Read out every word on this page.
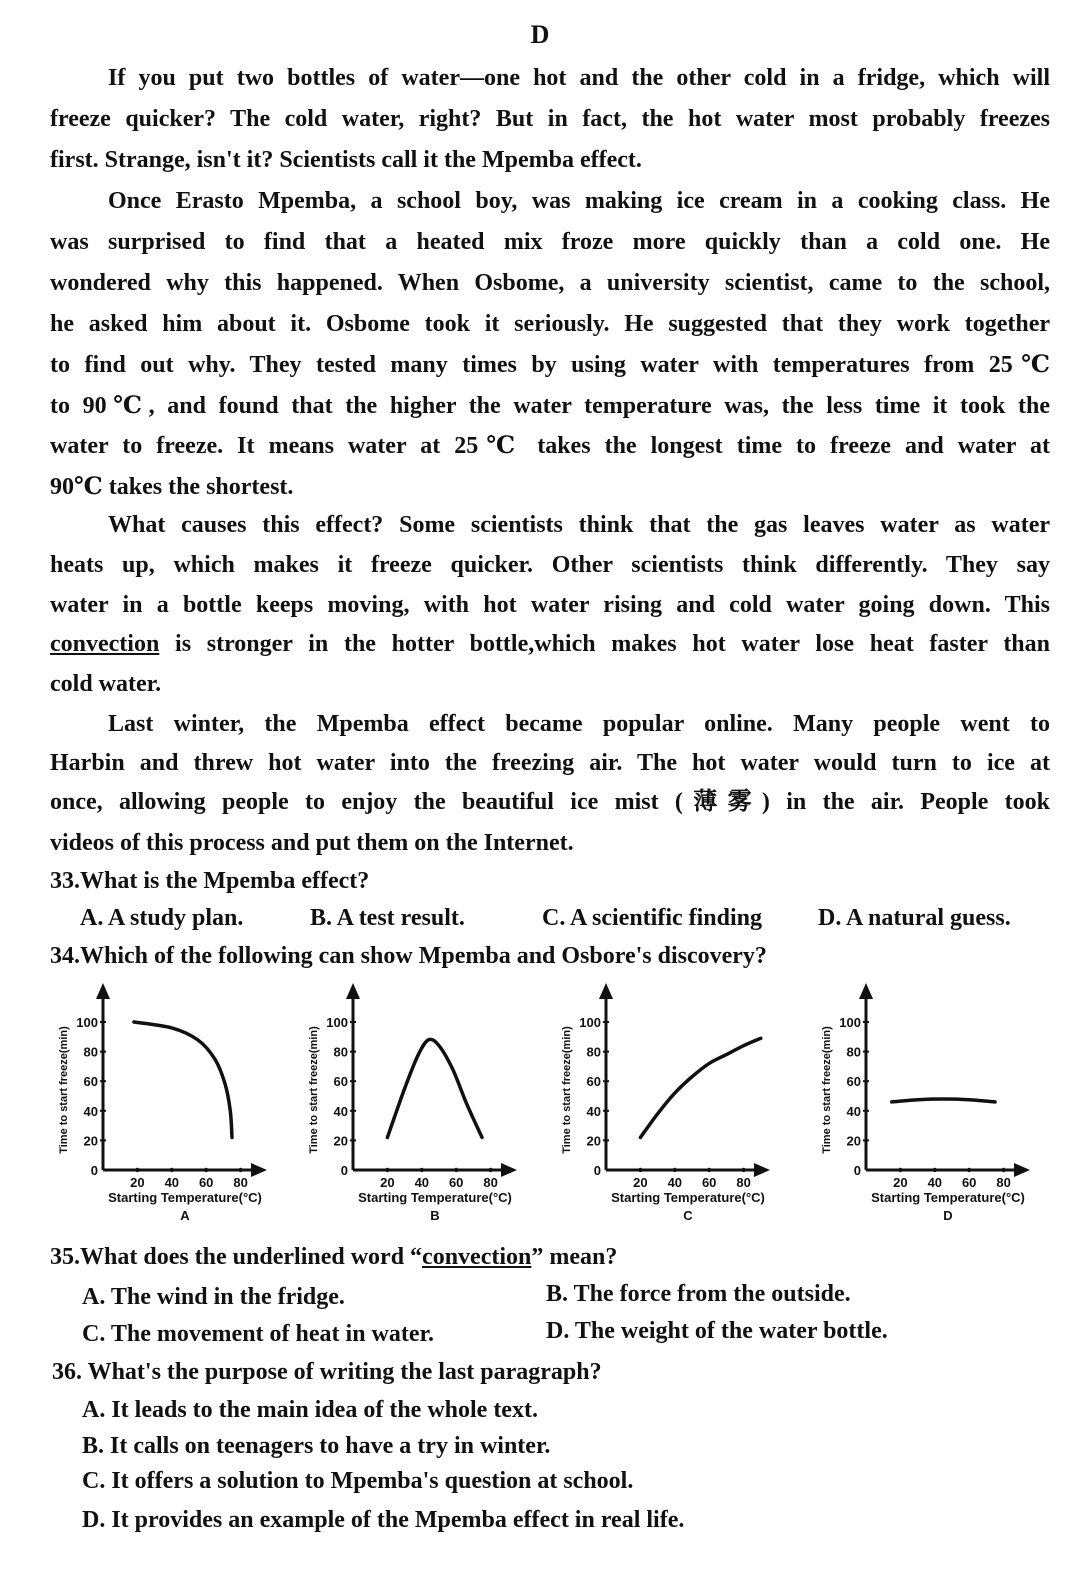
D
If you put two bottles of water—one hot and the other cold in a fridge, which will
freeze quicker? The cold water, right? But in fact, the hot water most probably freezes
first. Strange, isn't it? Scientists call it the Mpemba effect.
Once Erasto Mpemba, a school boy, was making ice cream in a cooking class. He
was surprised to find that a heated mix froze more quickly than a cold one. He
wondered why this happened. When Osbome, a university scientist, came to the school,
he asked him about it. Osbome took it seriously. He suggested that they work together
to find out why. They tested many times by using water with temperatures from 25℃
to 90℃, and found that the higher the water temperature was, the less time it took the
water to freeze. It means water at 25℃ takes the longest time to freeze and water at
90℃ takes the shortest.
What causes this effect? Some scientists think that the gas leaves water as water
heats up, which makes it freeze quicker. Other scientists think differently. They say
water in a bottle keeps moving, with hot water rising and cold water going down. This
convection is stronger in the hotter bottle,which makes hot water lose heat faster than
cold water.
Last winter, the Mpemba effect became popular online. Many people went to
Harbin and threw hot water into the freezing air. The hot water would turn to ice at
once, allowing people to enjoy the beautiful ice mist (薄雾) in the air. People took
videos of this process and put them on the Internet.
33.What is the Mpemba effect?
A. A study plan.	B. A test result.	C. A scientific finding D. A natural guess.
34.Which of the following can show Mpemba and Osbore's discovery?
0
20
40
60
80
100
20 40 60 80
Starting Temperature(°C)
Time to start freeze(min)
A
0
20
40
60
80
100
20 40 60 80
Starting Temperature(°C)
Time to start freeze(min)
B
0
20
40
60
80
100
20 40 60 80
Starting Temperature(°C)
Time to start freeze(min)
C
0
20
40
60
80
100
20 40 60 80
Starting Temperature(°C)
Time to start freeze(min)
D
35.What does the underlined word “convection” mean?
A. The wind in the fridge.	B. The force from the outside.
C. The movement of heat in water.	D. The weight of the water bottle.
36. What's the purpose of writing the last paragraph?
A. It leads to the main idea of the whole text.
B. It calls on teenagers to have a try in winter.
C. It offers a solution to Mpemba's question at school.
D. It provides an example of the Mpemba effect in real life.
